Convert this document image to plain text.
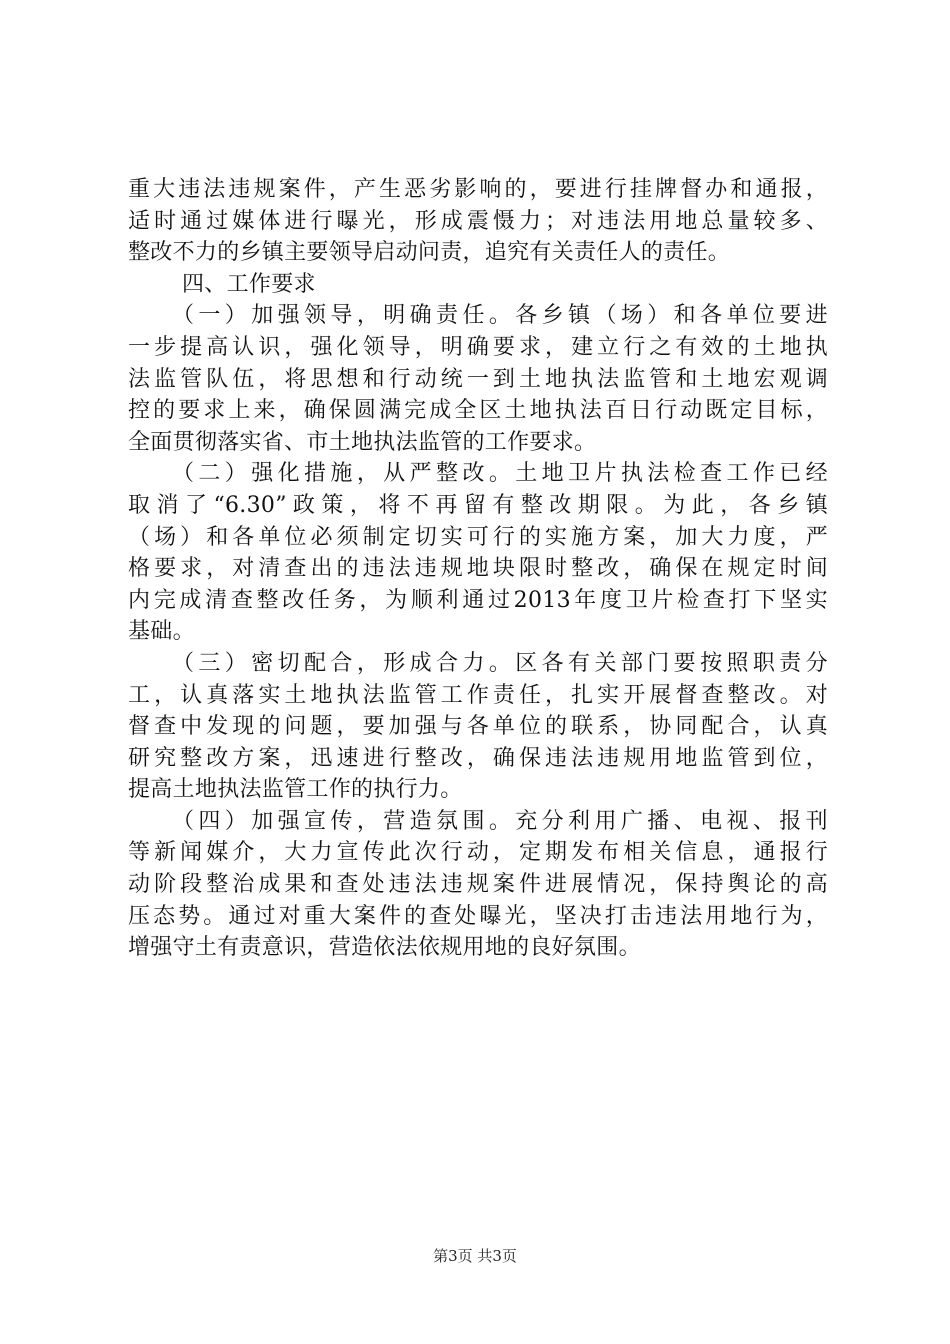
重大违法违规案件，产生恶劣影响的，要进行挂牌督办和通报，
适时通过媒体进行曝光，形成震慑力；对违法用地总量较多、
整改不力的乡镇主要领导启动问责，追究有关责任人的责任。
四、工作要求
（一）加强领导，明确责任。各乡镇（场）和各单位要进
一步提高认识，强化领导，明确要求，建立行之有效的土地执
法监管队伍，将思想和行动统一到土地执法监管和土地宏观调
控的要求上来，确保圆满完成全区土地执法百日行动既定目标，
全面贯彻落实省、市土地执法监管的工作要求。
（二）强化措施，从严整改。土地卫片执法检查工作已经
取消了“6.30”政策，将不再留有整改期限。为此，各乡镇
（场）和各单位必须制定切实可行的实施方案，加大力度，严
格要求，对清查出的违法违规地块限时整改，确保在规定时间
内完成清查整改任务，为顺利通过2013年度卫片检查打下坚实
基础。
（三）密切配合，形成合力。区各有关部门要按照职责分
工，认真落实土地执法监管工作责任，扎实开展督查整改。对
督查中发现的问题，要加强与各单位的联系，协同配合，认真
研究整改方案，迅速进行整改，确保违法违规用地监管到位，
提高土地执法监管工作的执行力。
（四）加强宣传，营造氛围。充分利用广播、电视、报刊
等新闻媒介，大力宣传此次行动，定期发布相关信息，通报行
动阶段整治成果和查处违法违规案件进展情况，保持舆论的高
压态势。通过对重大案件的查处曝光，坚决打击违法用地行为，
增强守土有责意识，营造依法依规用地的良好氛围。
第3页 共3页
